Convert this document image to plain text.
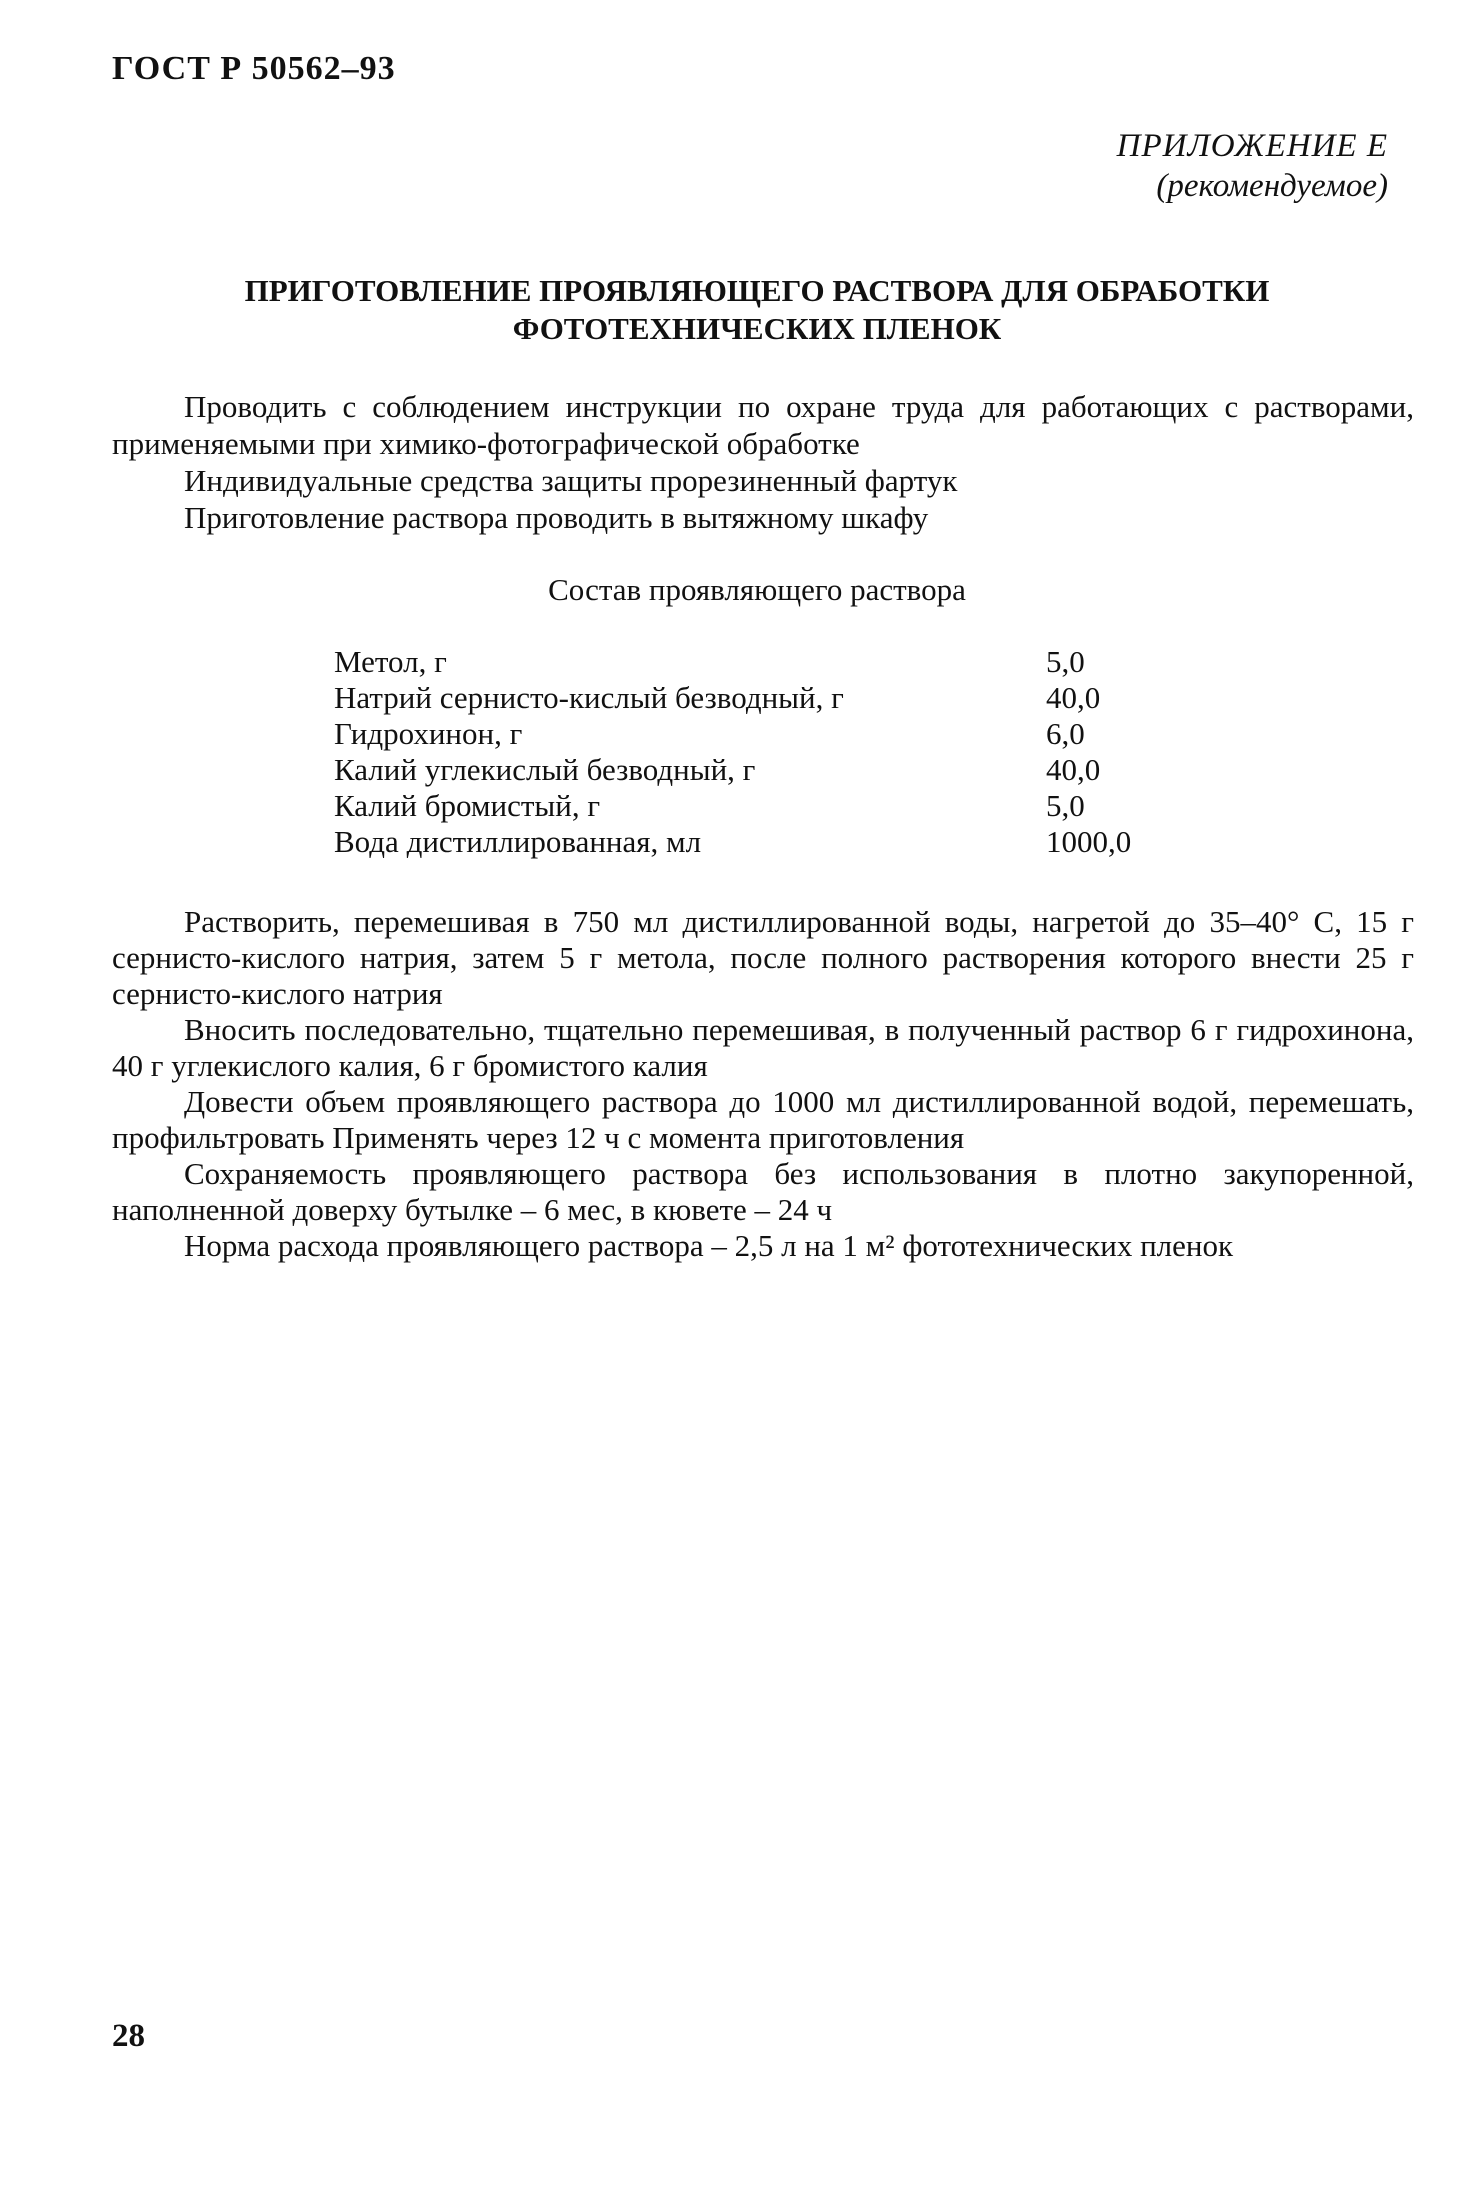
ГОСТ Р 50562–93
ПРИЛОЖЕНИЕ Е
(рекомендуемое)
ПРИГОТОВЛЕНИЕ ПРОЯВЛЯЮЩЕГО РАСТВОРА ДЛЯ ОБРАБОТКИ
ФОТОТЕХНИЧЕСКИХ ПЛЕНОК

Проводить с соблюдением инструкции по охране труда для работающих с растворами, применяемыми при химико-фотографической обработке

Индивидуальные средства защиты прорезиненный фартук

Приготовление раствора проводить в вытяжному шкафу

Состав проявляющего раствора
Метол, г	5,0
Натрий сернисто-кислый безводный, г	40,0
Гидрохинон, г	6,0
Калий углекислый безводный, г	40,0
Калий бромистый, г	5,0
Вода дистиллированная, мл	1000,0

Растворить, перемешивая в 750 мл дистиллированной воды, нагретой до 35–40° С, 15 г сернисто-кислого натрия, затем 5 г метола, после полного растворения которого внести 25 г сернисто-кислого натрия

Вносить последовательно, тщательно перемешивая, в полученный раствор 6 г гидрохинона, 40 г углекислого калия, 6 г бромистого калия

Довести объем проявляющего раствора до 1000 мл дистиллированной водой, перемешать, профильтровать Применять через 12 ч с момента приготовления

Сохраняемость проявляющего раствора без использования в плотно закупоренной, наполненной доверху бутылке – 6 мес, в кювете – 24 ч

Норма расхода проявляющего раствора – 2,5 л на 1 м² фототехнических пленок

28
